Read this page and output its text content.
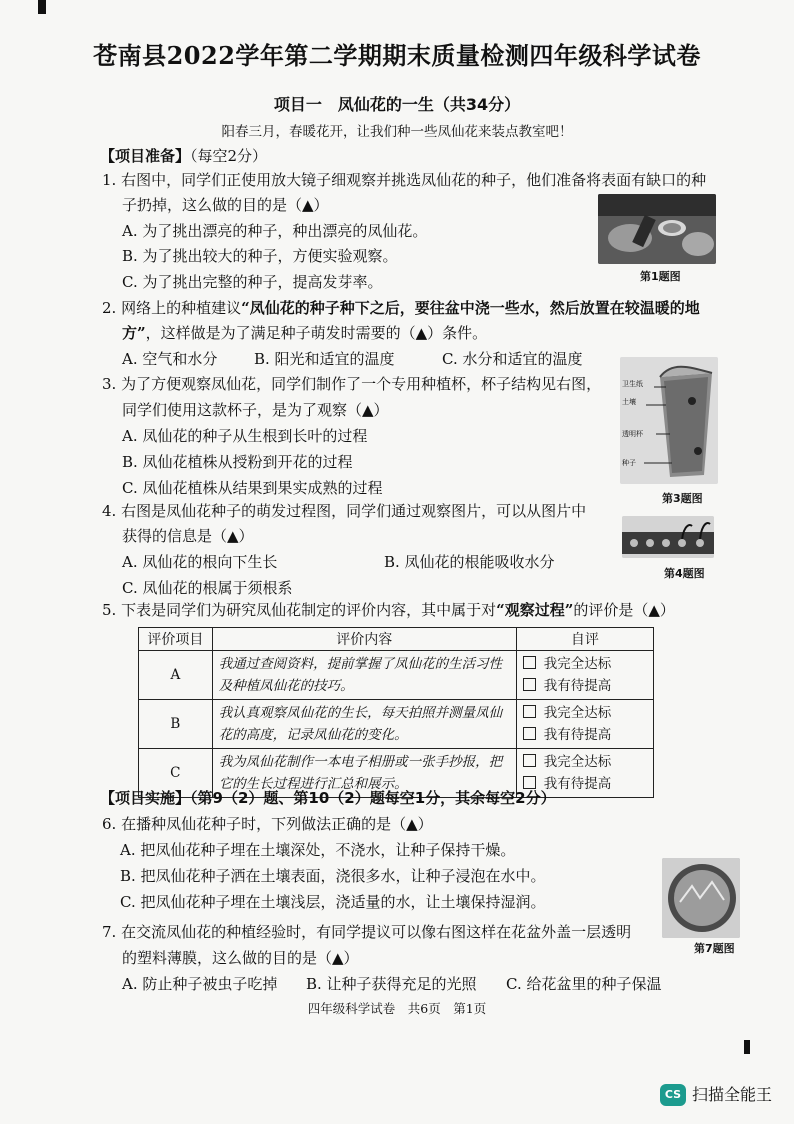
苍南县2022学年第二学期期末质量检测四年级科学试卷
项目一　凤仙花的一生（共34分）
阳春三月，春暖花开，让我们种一些凤仙花来装点教室吧！
【项目准备】（每空2分）
1. 右图中，同学们正使用放大镜子细观察并挑选凤仙花的种子，他们准备将表面有缺口的种
子扔掉，这么做的目的是（▲）
A. 为了挑出漂亮的种子，种出漂亮的凤仙花。
B. 为了挑出较大的种子，方便实验观察。
C. 为了挑出完整的种子，提高发芽率。	第1题图
2. 网络上的种植建议“凤仙花的种子种下之后，要往盆中浇一些水，然后放置在较温暖的地
方”，这样做是为了满足种子萌发时需要的（▲）条件。
A. 空气和水分 B. 阳光和适宜的温度	C. 水分和适宜的温度
3. 为了方便观察凤仙花，同学们制作了一个专用种植杯，杯子结构见右图，
同学们使用这款杯子，是为了观察（▲）
A. 凤仙花的种子从生根到长叶的过程
B. 凤仙花植株从授粉到开花的过程
C. 凤仙花植株从结果到果实成熟的过程
卫生纸
土壤
透明杯
种子
第3题图
4. 右图是凤仙花种子的萌发过程图，同学们通过观察图片，可以从图片中
获得的信息是（▲）
A. 凤仙花的根向下生长	B. 凤仙花的根能吸收水分
C. 凤仙花的根属于须根系
第4题图
5. 下表是同学们为研究凤仙花制定的评价内容，其中属于对“观察过程”的评价是（▲）
评价项目	评价内容	自评
A	我通过查阅资料，提前掌握了凤仙花的生活习性及种植凤仙花的技巧。	我完全达标
我有待提高

B	我认真观察凤仙花的生长，每天拍照并测量凤仙花的高度，记录凤仙花的变化。	我完全达标
我有待提高

C	我为凤仙花制作一本电子相册或一张手抄报，把它的生长过程进行汇总和展示。	我完全达标
我有待提高
【项目实施】（第9（2）题、第10（2）题每空1分，其余每空2分）
6. 在播种凤仙花种子时，下列做法正确的是（▲）
A. 把凤仙花种子埋在土壤深处，不浇水，让种子保持干燥。
B. 把凤仙花种子洒在土壤表面，浇很多水，让种子浸泡在水中。
C. 把凤仙花种子埋在土壤浅层，浇适量的水，让土壤保持湿润。
7. 在交流凤仙花的种植经验时，有同学提议可以像右图这样在花盆外盖一层透明
的塑料薄膜，这么做的目的是（▲）
A. 防止种子被虫子吃掉 B. 让种子获得充足的光照 C. 给花盆里的种子保温
第7题图
四年级科学试卷　共6页　第1页
CS 扫描全能王
